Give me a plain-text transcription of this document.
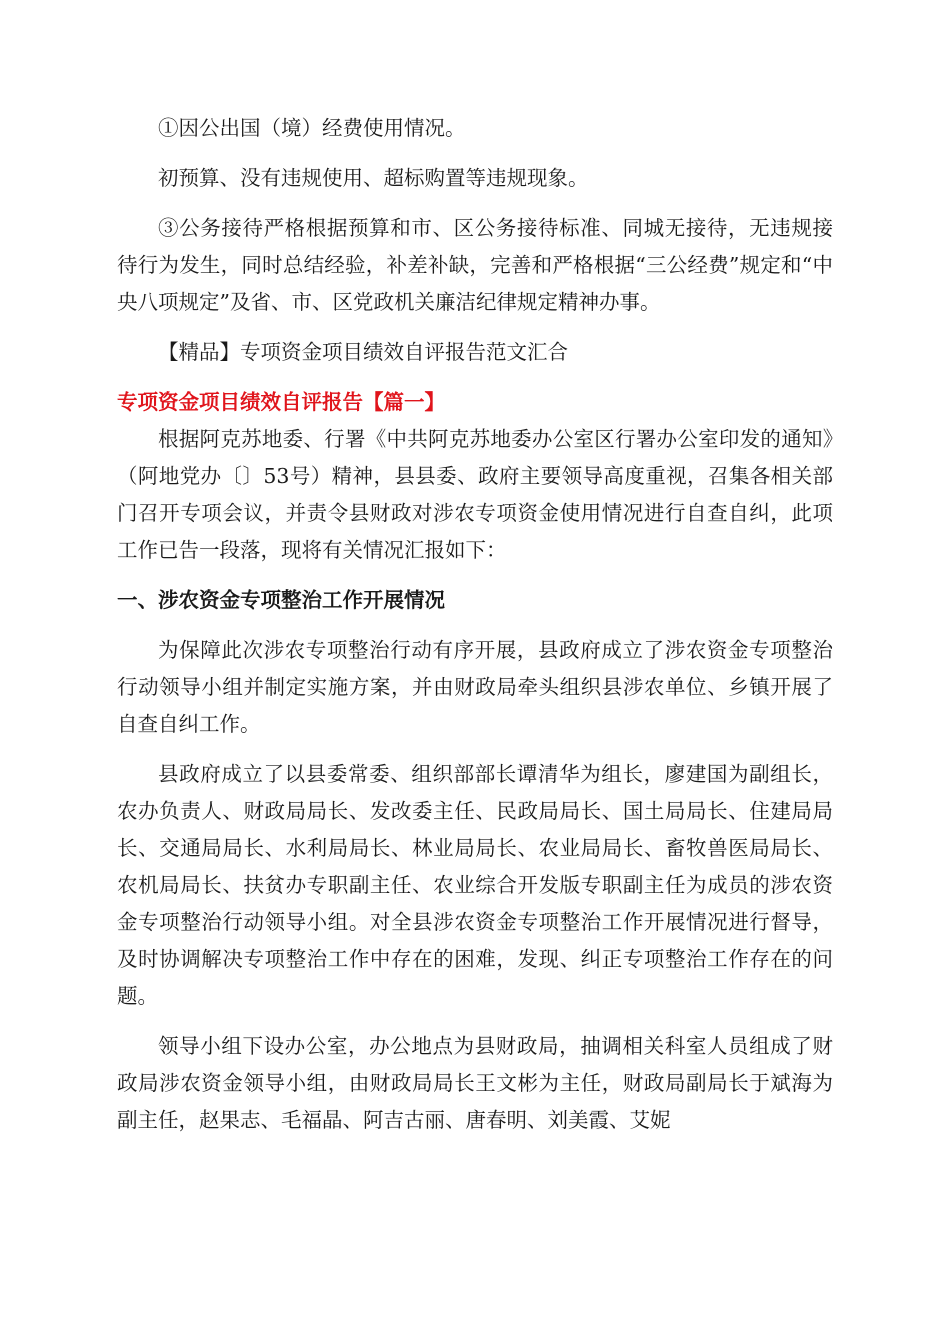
①因公出国（境）经费使用情况。

初预算、没有违规使用、超标购置等违规现象。

③公务接待严格根据预算和市、区公务接待标准、同城无接待，无违规接待行为发生，同时总结经验，补差补缺，完善和严格根据“三公经费”规定和“中央八项规定”及省、市、区党政机关廉洁纪律规定精神办事。

【精品】专项资金项目绩效自评报告范文汇合

专项资金项目绩效自评报告【篇一】

根据阿克苏地委、行署《中共阿克苏地委办公室区行署办公室印发的通知》（阿地党办〔〕53号）精神，县县委、政府主要领导高度重视，召集各相关部门召开专项会议，并责令县财政对涉农专项资金使用情况进行自查自纠，此项工作已告一段落，现将有关情况汇报如下：

一、涉农资金专项整治工作开展情况

为保障此次涉农专项整治行动有序开展，县政府成立了涉农资金专项整治行动领导小组并制定实施方案，并由财政局牵头组织县涉农单位、乡镇开展了自查自纠工作。

县政府成立了以县委常委、组织部部长谭清华为组长，廖建国为副组长，农办负责人、财政局局长、发改委主任、民政局局长、国土局局长、住建局局长、交通局局长、水利局局长、林业局局长、农业局局长、畜牧兽医局局长、农机局局长、扶贫办专职副主任、农业综合开发版专职副主任为成员的涉农资金专项整治行动领导小组。对全县涉农资金专项整治工作开展情况进行督导，及时协调解决专项整治工作中存在的困难，发现、纠正专项整治工作存在的问题。

领导小组下设办公室，办公地点为县财政局，抽调相关科室人员组成了财政局涉农资金领导小组，由财政局局长王文彬为主任，财政局副局长于斌海为副主任，赵果志、毛福晶、阿吉古丽、唐春明、刘美霞、艾妮
